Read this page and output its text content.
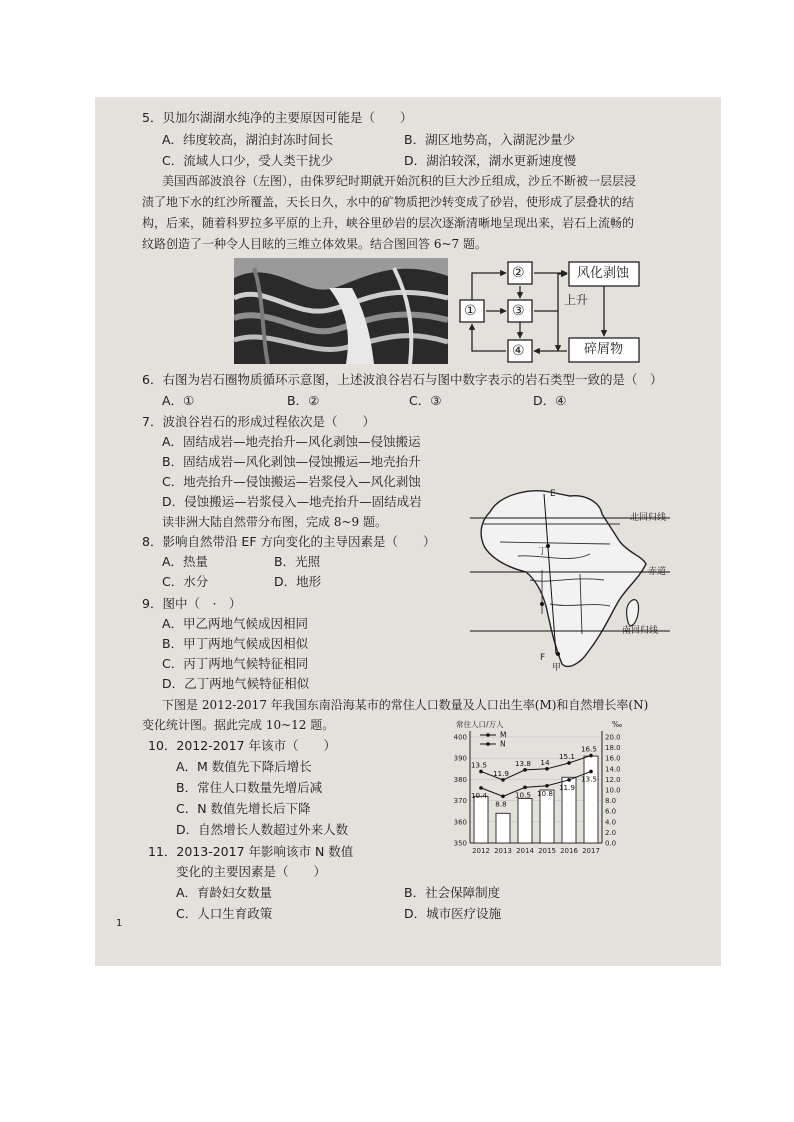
5．贝加尔湖湖水纯净的主要原因可能是（　　）
A．纬度较高，湖泊封冻时间长	B．湖区地势高，入湖泥沙量少
C．流域人口少，受人类干扰少	D．湖泊较深，湖水更新速度慢
美国西部波浪谷（左图），由侏罗纪时期就开始沉积的巨大沙丘组成，沙丘不断被一层层浸
渍了地下水的红沙所覆盖，天长日久，水中的矿物质把沙转变成了砂岩，使形成了层叠状的结
构，后来，随着科罗拉多平原的上升，峡谷里砂岩的层次逐渐清晰地呈现出来，岩石上流畅的
纹路创造了一种令人目眩的三维立体效果。结合图回答 6~7 题。
①
②
③
④
风化剥蚀
上升
碎屑物
6．右图为岩石圈物质循环示意图，上述波浪谷岩石与图中数字表示的岩石类型一致的是（　）
A．①	B．②	C．③	D．④
7．波浪谷岩石的形成过程依次是（　　）
A．固结成岩—地壳抬升—风化剥蚀—侵蚀搬运
B．固结成岩—风化剥蚀—侵蚀搬运—地壳抬升
C．地壳抬升—侵蚀搬运—岩浆侵入—风化剥蚀
D．侵蚀搬运—岩浆侵入—地壳抬升—固结成岩
读非洲大陆自然带分布图，完成 8~9 题。
E
F
北回归线
赤道
南回归线
丁
甲
8．影响自然带沿 EF 方向变化的主导因素是（　　）
A．热量	B．光照
C．水分	D．地形
9．图中（　·　）
A．甲乙两地气候成因相同
B．甲丁两地气候成因相似
C．丙丁两地气候特征相同
D．乙丁两地气候特征相似
下图是 2012-2017 年我国东南沿海某市的常住人口数量及人口出生率(M)和自然增长率(N)
变化统计图。据此完成 10~12 题。
10．2012-2017 年该市（　　）
A．M 数值先下降后增长
B．常住人口数量先增后减
C．N 数值先增长后下降
D．自然增长人数超过外来人数
常住人口/万人	‰
350
360
370
380
390
400
0.0
2.0
4.0
6.0
8.0
10.0
12.0
14.0
16.0
18.0
20.0
2012 2013 2014 2015 2016 2017
13.5
11.9
13.8 14
15.1
16.5
10.4
8.8
10.5 10.8
11.9
13.5
M
N
11．2013-2017 年影响该市 N 数值
变化的主要因素是（　　）
A．育龄妇女数量	B．社会保障制度
C．人口生育政策	D．城市医疗设施
1
